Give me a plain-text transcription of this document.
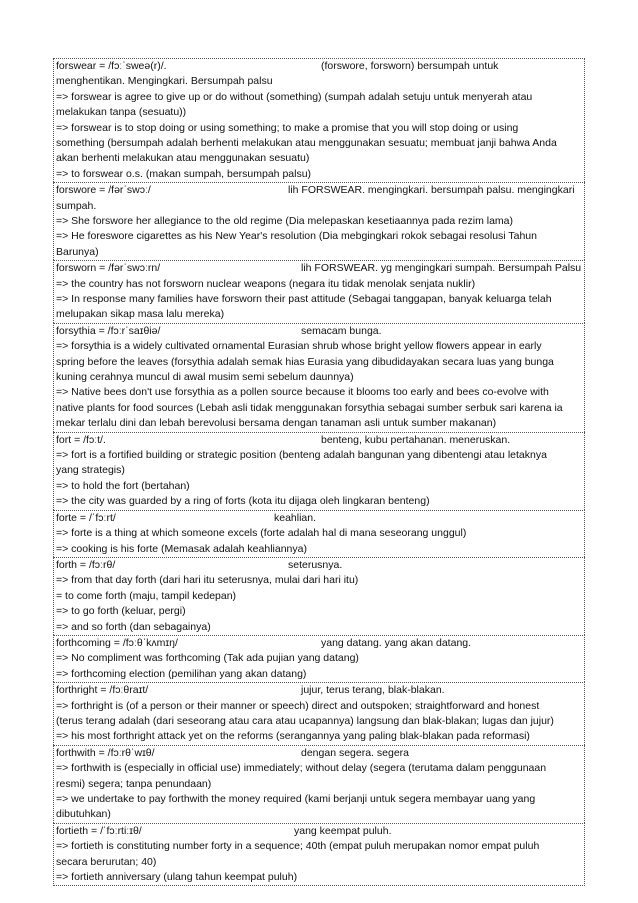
forswear = /fɔːˈsweə(r)/.	(forswore, forsworn) bersumpah untuk
menghentikan. Mengingkari. Bersumpah palsu
=> forswear is agree to give up or do without (something) (sumpah adalah setuju untuk menyerah atau
melakukan tanpa (sesuatu))
=> forswear is to stop doing or using something; to make a promise that you will stop doing or using
something (bersumpah adalah berhenti melakukan atau menggunakan sesuatu; membuat janji bahwa Anda
akan berhenti melakukan atau menggunakan sesuatu)
=> to forswear o.s. (makan sumpah, bersumpah palsu)
forswore = /fərˈswɔː/	lih FORSWEAR. mengingkari. bersumpah palsu. mengingkari
sumpah.
=> She forswore her allegiance to the old regime (Dia melepaskan kesetiaannya pada rezim lama)
=> He foreswore cigarettes as his New Year's resolution (Dia mebgingkari rokok sebagai resolusi Tahun
Barunya)
forsworn = /fərˈswɔːrn/	lih FORSWEAR. yg mengingkari sumpah. Bersumpah Palsu
=> the country has not forsworn nuclear weapons (negara itu tidak menolak senjata nuklir)
=> In response many families have forsworn their past attitude (Sebagai tanggapan, banyak keluarga telah
melupakan sikap masa lalu mereka)
forsythia = /fɔːrˈsaɪθiə/	semacam bunga.
=> forsythia is a widely cultivated ornamental Eurasian shrub whose bright yellow flowers appear in early
spring before the leaves (forsythia adalah semak hias Eurasia yang dibudidayakan secara luas yang bunga
kuning cerahnya muncul di awal musim semi sebelum daunnya)
=> Native bees don't use forsythia as a pollen source because it blooms too early and bees co-evolve with
native plants for food sources (Lebah asli tidak menggunakan forsythia sebagai sumber serbuk sari karena ia
mekar terlalu dini dan lebah berevolusi bersama dengan tanaman asli untuk sumber makanan)
fort = /fɔːt/.	benteng, kubu pertahanan. meneruskan.
=> fort is a fortified building or strategic position (benteng adalah bangunan yang dibentengi atau letaknya
yang strategis)
=> to hold the fort (bertahan)
=> the city was guarded by a ring of forts (kota itu dijaga oleh lingkaran benteng)
forte = /ˈfɔːrt/	keahlian.
=> forte is a thing at which someone excels (forte adalah hal di mana seseorang unggul)
=> cooking is his forte (Memasak adalah keahliannya)
forth = /fɔːrθ/	seterusnya.
=> from that day forth (dari hari itu seterusnya, mulai dari hari itu)
= to come forth (maju, tampil kedepan)
=> to go forth (keluar, pergi)
=> and so forth (dan sebagainya)
forthcoming = /fɔːθˈkʌmɪŋ/	yang datang. yang akan datang.
=> No compliment was forthcoming (Tak ada pujian yang datang)
=> forthcoming election (pemilihan yang akan datang)
forthright = /fɔːθraɪt/	jujur, terus terang, blak-blakan.
=> forthright is (of a person or their manner or speech) direct and outspoken; straightforward and honest
(terus terang adalah (dari seseorang atau cara atau ucapannya) langsung dan blak-blakan; lugas dan jujur)
=> his most forthright attack yet on the reforms (serangannya yang paling blak-blakan pada reformasi)
forthwith = /fɔːrθˈwɪθ/	dengan segera. segera
=> forthwith is (especially in official use) immediately; without delay (segera (terutama dalam penggunaan
resmi) segera; tanpa penundaan)
=> we undertake to pay forthwith the money required (kami berjanji untuk segera membayar uang yang
dibutuhkan)
fortieth = /ˈfɔːrtiːɪθ/	yang keempat puluh.
=> fortieth is constituting number forty in a sequence; 40th (empat puluh merupakan nomor empat puluh
secara berurutan; 40)
=> fortieth anniversary (ulang tahun keempat puluh)
